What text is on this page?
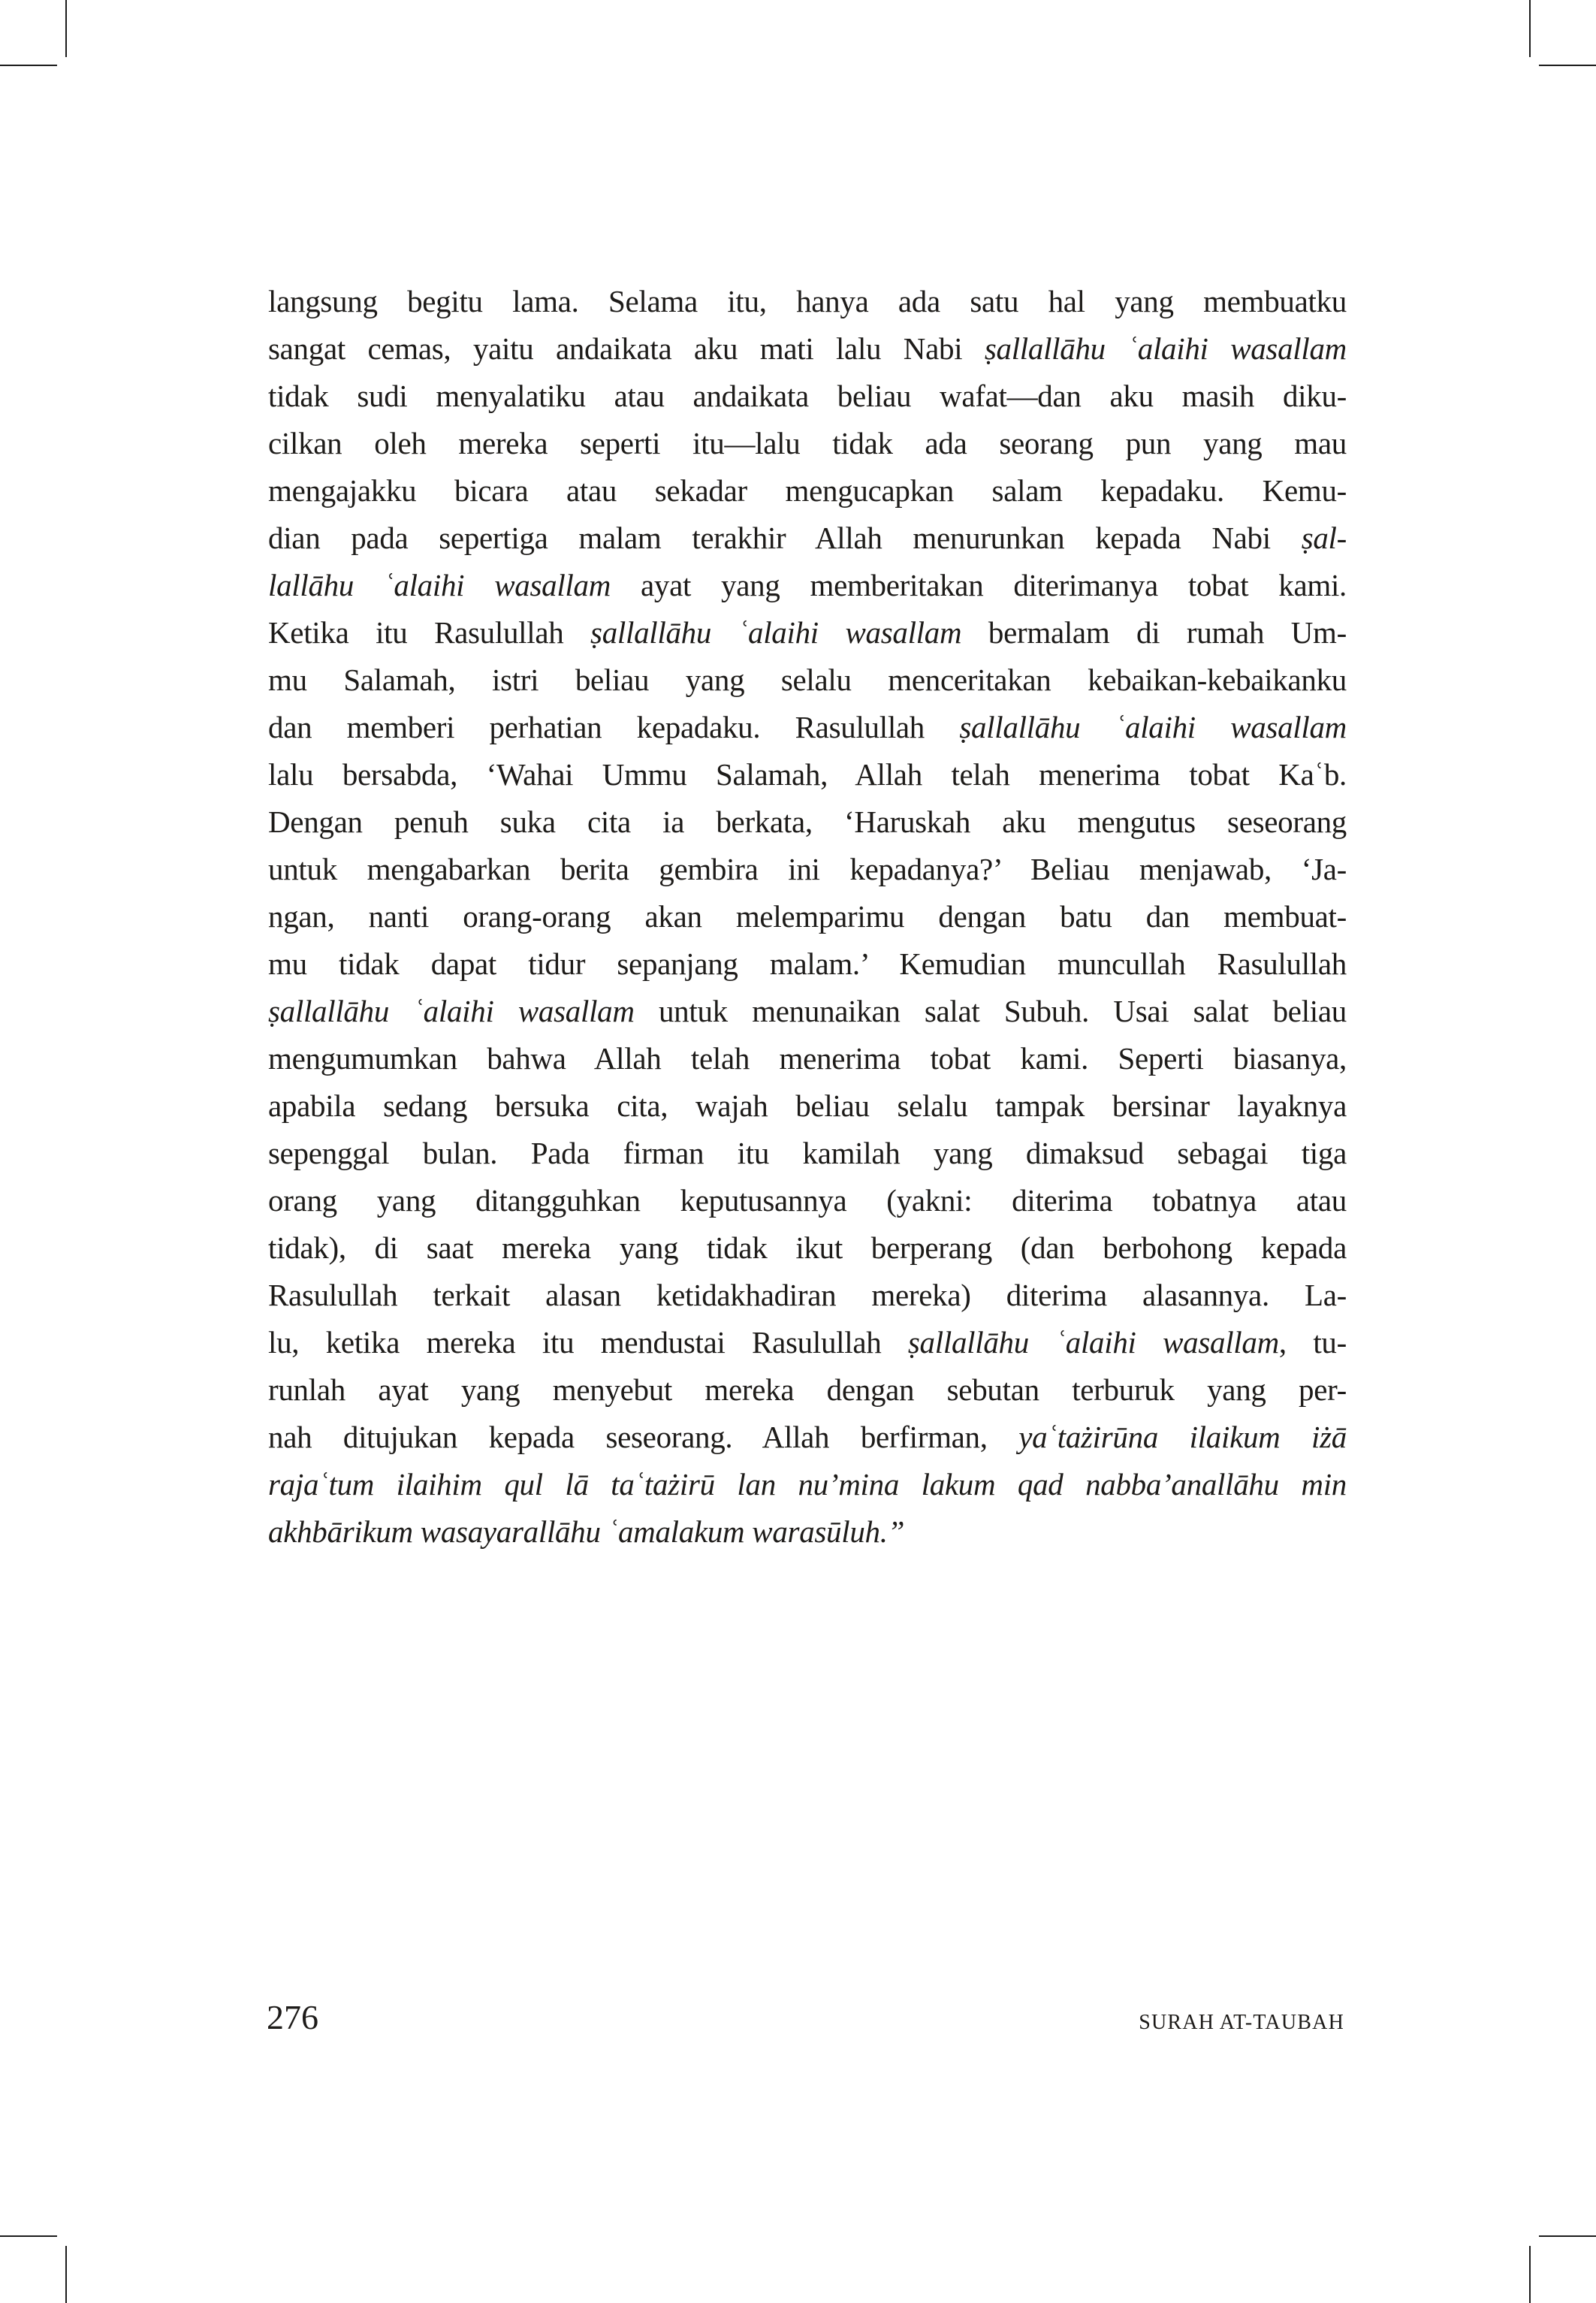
langsung begitu lama. Selama itu, hanya ada satu hal yang membuatku
sangat cemas, yaitu andaikata aku mati lalu Nabi ṣallallāhu ʿalaihi wasallam
tidak sudi menyalatiku atau andaikata beliau wafat—dan aku masih diku-
cilkan oleh mereka seperti itu—lalu tidak ada seorang pun yang mau
mengajakku bicara atau sekadar mengucapkan salam kepadaku. Kemu-
dian pada sepertiga malam terakhir Allah menurunkan kepada Nabi ṣal-
lallāhu ʿalaihi wasallam ayat yang memberitakan diterimanya tobat kami.
Ketika itu Rasulullah ṣallallāhu ʿalaihi wasallam bermalam di rumah Um-
mu Salamah, istri beliau yang selalu menceritakan kebaikan-kebaikanku
dan memberi perhatian kepadaku. Rasulullah ṣallallāhu ʿalaihi wasallam
lalu bersabda, ‘Wahai Ummu Salamah, Allah telah menerima tobat Kaʿb.
Dengan penuh suka cita ia berkata, ‘Haruskah aku mengutus seseorang
untuk mengabarkan berita gembira ini kepadanya?’ Beliau menjawab, ‘Ja-
ngan, nanti orang-orang akan melemparimu dengan batu dan membuat-
mu tidak dapat tidur sepanjang malam.’ Kemudian muncullah Rasulullah
ṣallallāhu ʿalaihi wasallam untuk menunaikan salat Subuh. Usai salat beliau
mengumumkan bahwa Allah telah menerima tobat kami. Seperti biasanya,
apabila sedang bersuka cita, wajah beliau selalu tampak bersinar layaknya
sepenggal bulan. Pada firman itu kamilah yang dimaksud sebagai tiga
orang yang ditangguhkan keputusannya (yakni: diterima tobatnya atau
tidak), di saat mereka yang tidak ikut berperang (dan berbohong kepada
Rasulullah terkait alasan ketidakhadiran mereka) diterima alasannya. La-
lu, ketika mereka itu mendustai Rasulullah ṣallallāhu ʿalaihi wasallam, tu-
runlah ayat yang menyebut mereka dengan sebutan terburuk yang per-
nah ditujukan kepada seseorang. Allah berfirman, yaʿtażirūna ilaikum iżā
rajaʿtum ilaihim qul lā taʿtażirū lan nu’mina lakum qad nabba’anallāhu min
akhbārikum wasayarallāhu ʿamalakum warasūluh.”
276	SURAH AT-TAUBAH
